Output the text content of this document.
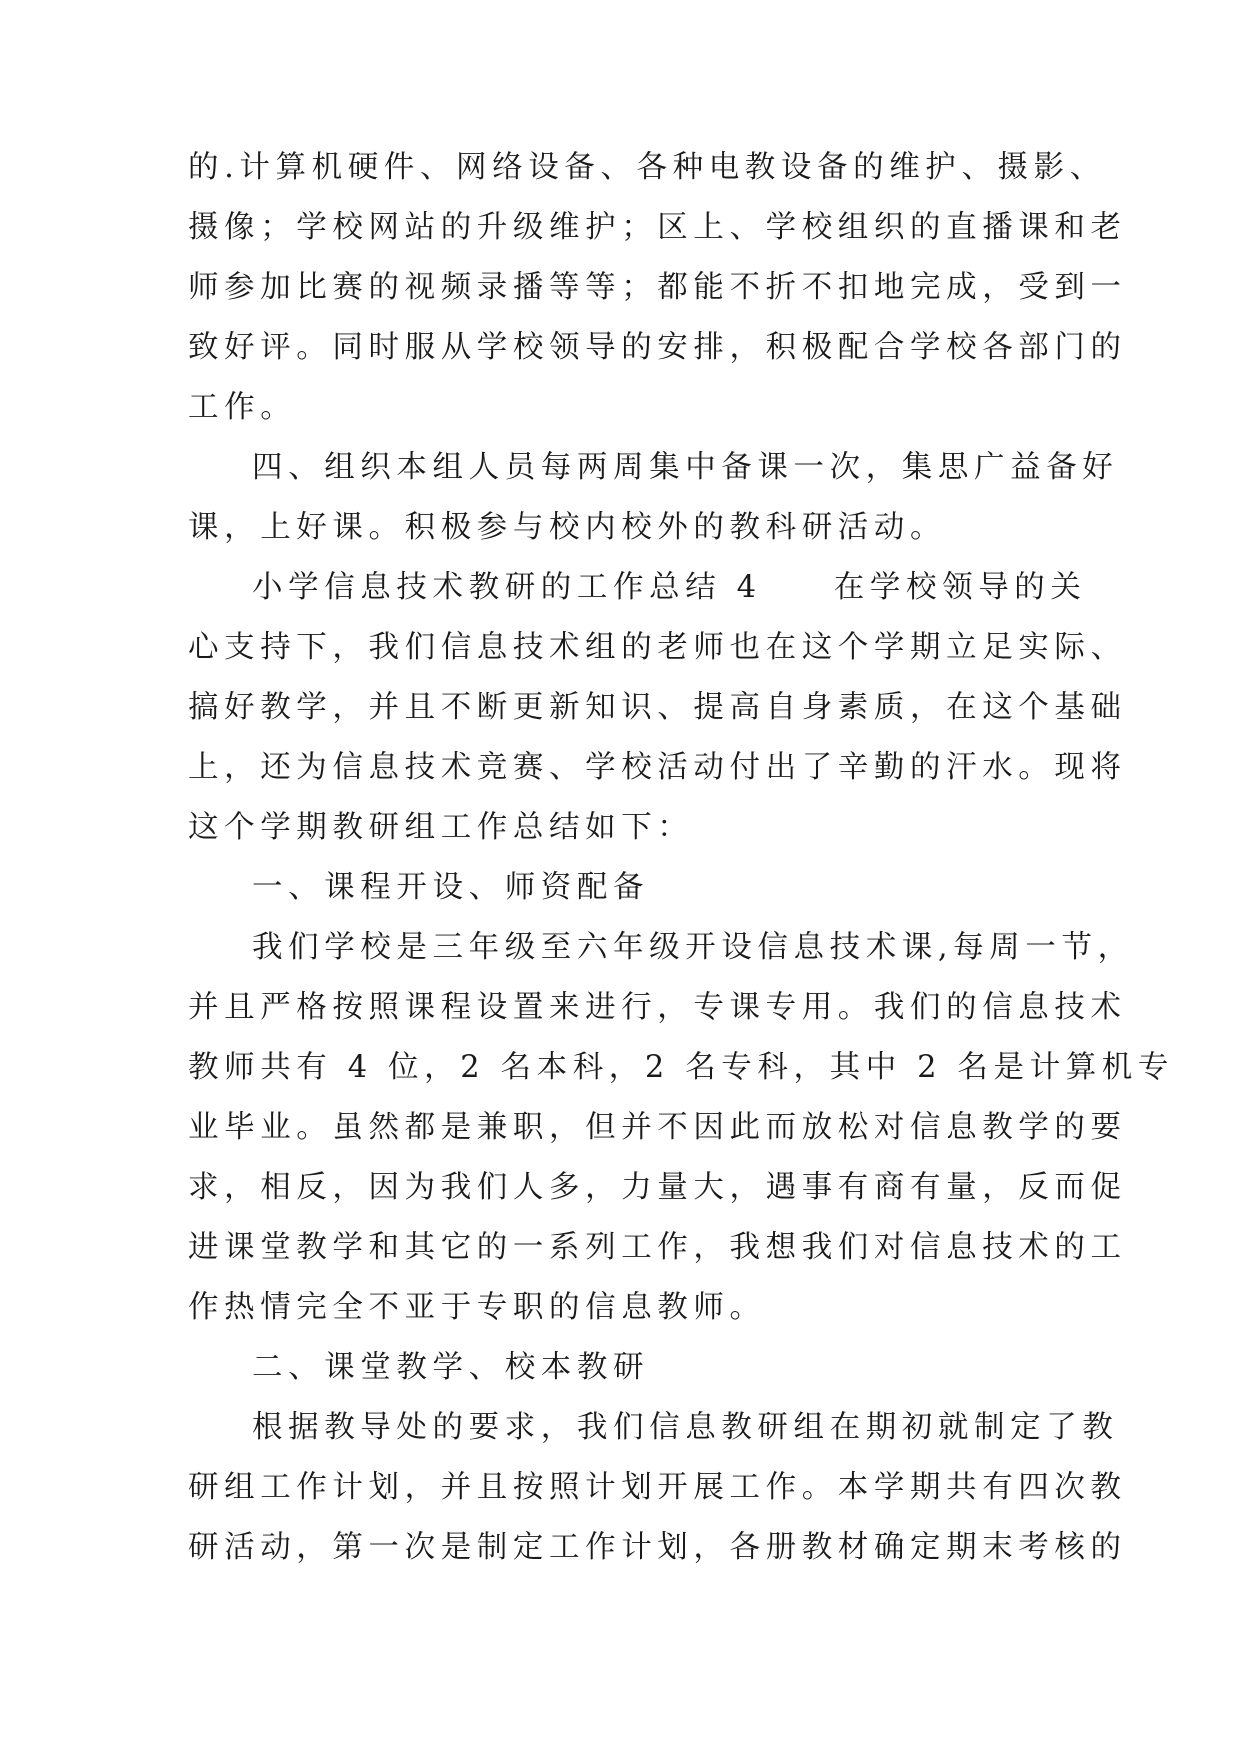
的.计算机硬件、网络设备、各种电教设备的维护、摄影、
摄像；学校网站的升级维护；区上、学校组织的直播课和老
师参加比赛的视频录播等等；都能不折不扣地完成，受到一
致好评。同时服从学校领导的安排，积极配合学校各部门的
工作。
四、组织本组人员每两周集中备课一次，集思广益备好
课，上好课。积极参与校内校外的教科研活动。
小学信息技术教研的工作总结 4　　在学校领导的关
心支持下，我们信息技术组的老师也在这个学期立足实际、
搞好教学，并且不断更新知识、提高自身素质，在这个基础
上，还为信息技术竞赛、学校活动付出了辛勤的汗水。现将
这个学期教研组工作总结如下：
一、课程开设、师资配备
我们学校是三年级至六年级开设信息技术课,每周一节，
并且严格按照课程设置来进行，专课专用。我们的信息技术
教师共有 4 位，2 名本科，2 名专科，其中 2 名是计算机专
业毕业。虽然都是兼职，但并不因此而放松对信息教学的要
求，相反，因为我们人多，力量大，遇事有商有量，反而促
进课堂教学和其它的一系列工作，我想我们对信息技术的工
作热情完全不亚于专职的信息教师。
二、课堂教学、校本教研
根据教导处的要求，我们信息教研组在期初就制定了教
研组工作计划，并且按照计划开展工作。本学期共有四次教
研活动，第一次是制定工作计划，各册教材确定期末考核的
